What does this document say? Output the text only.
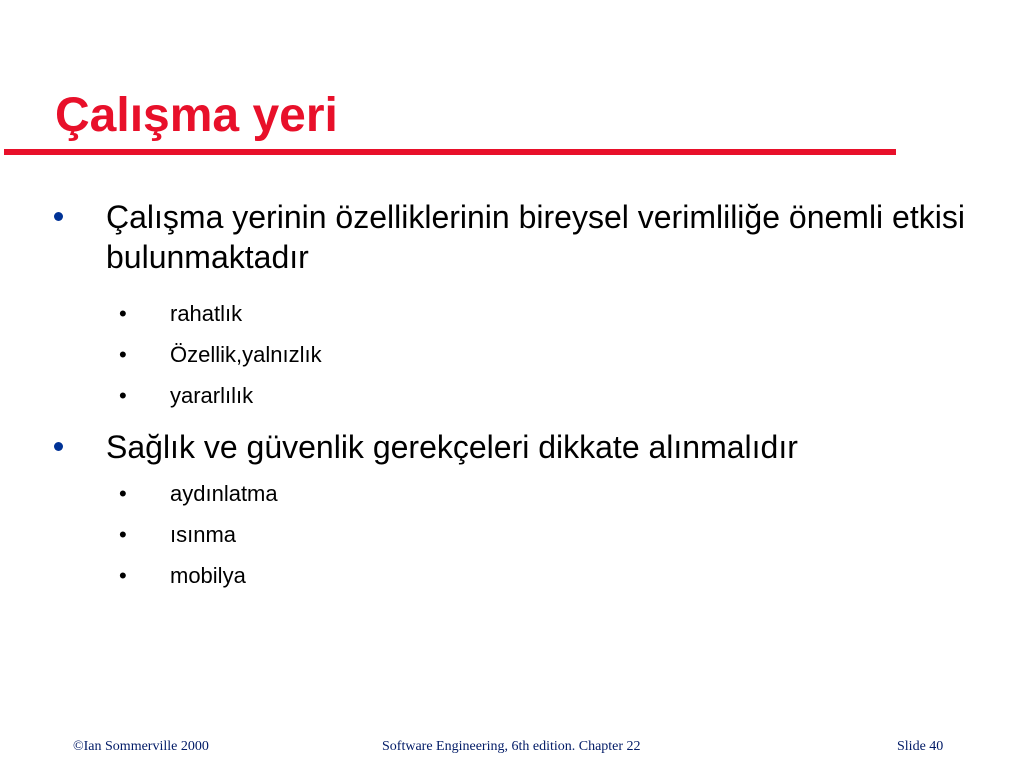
Çalışma yeri
Çalışma yerinin özelliklerinin bireysel verimliliğe önemli etkisi bulunmaktadır
• rahatlık
• Özellik,yalnızlık
• yararlılık
Sağlık ve güvenlik gerekçeleri dikkate alınmalıdır
• aydınlatma
• ısınma
• mobilya
©Ian Sommerville 2000	Software Engineering, 6th edition. Chapter 22	Slide 40
